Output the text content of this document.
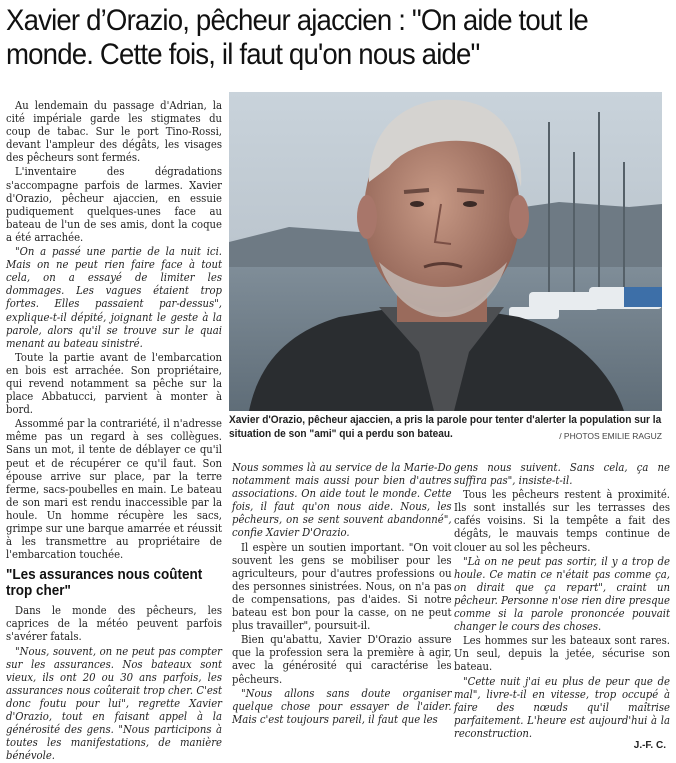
Xavier d’Orazio, pêcheur ajaccien : "On aide tout le monde. Cette fois, il faut qu'on nous aide"

Au lendemain du passage d'Adrian, la cité impériale garde les stigmates du coup de tabac. Sur le port Tino-Rossi, devant l'ampleur des dégâts, les visages des pêcheurs sont fermés.

L'inventaire des dégradations s'accompagne parfois de larmes. Xavier d'Orazio, pêcheur ajaccien, en essuie pudiquement quelques-unes face au bateau de l'un de ses amis, dont la coque a été arrachée.

"On a passé une partie de la nuit ici. Mais on ne peut rien faire face à tout cela, on a essayé de limiter les dommages. Les vagues étaient trop fortes. Elles passaient par-dessus", explique-t-il dépité, joignant le geste à la parole, alors qu'il se trouve sur le quai menant au bateau sinistré.

Toute la partie avant de l'embarcation en bois est arrachée. Son propriétaire, qui revend notamment sa pêche sur la place Abbatucci, parvient à monter à bord.

Assommé par la contrariété, il n'adresse même pas un regard à ses collègues. Sans un mot, il tente de déblayer ce qu'il peut et de récupérer ce qu'il faut. Son épouse arrive sur place, par la terre ferme, sacs-poubelles en main. Le bateau de son mari est rendu inaccessible par la houle. Un homme récupère les sacs, grimpe sur une barque amarrée et réussit à les transmettre au propriétaire de l'embarcation touchée.

"Les assurances nous coûtent trop cher"

Dans le monde des pêcheurs, les caprices de la météo peuvent parfois s'avérer fatals.

"Nous, souvent, on ne peut pas compter sur les assurances. Nos bateaux sont vieux, ils ont 20 ou 30 ans parfois, les assurances nous coûterait trop cher. C'est donc foutu pour lui", regrette Xavier d'Orazio, tout en faisant appel à la générosité des gens. "Nous participons à toutes les manifestations, de manière bénévole.

Xavier d'Orazio, pêcheur ajaccien, a pris la parole pour tenter d'alerter la population sur la situation de son "ami" qui a perdu son bateau.	/ PHOTOS EMILIE RAGUZ

Nous sommes là au service de la Marie-Do notamment mais aussi pour bien d'autres associations. On aide tout le monde. Cette fois, il faut qu'on nous aide. Nous, les pêcheurs, on se sent souvent abandonné", confie Xavier D'Orazio.

Il espère un soutien important. "On voit souvent les gens se mobiliser pour les agriculteurs, pour d'autres professions ou des personnes sinistrées. Nous, on n'a pas de compensations, pas d'aides. Si notre bateau est bon pour la casse, on ne peut plus travailler", poursuit-il.

Bien qu'abattu, Xavier D'Orazio assure que la profession sera la première à agir, avec la générosité qui caractérise les pêcheurs.

"Nous allons sans doute organiser quelque chose pour essayer de l'aider. Mais c'est toujours pareil, il faut que les

gens nous suivent. Sans cela, ça ne suffira pas", insiste-t-il.

Tous les pêcheurs restent à proximité. Ils sont installés sur les terrasses des cafés voisins. Si la tempête a fait des dégâts, le mauvais temps continue de clouer au sol les pêcheurs.

"Là on ne peut pas sortir, il y a trop de houle. Ce matin ce n'était pas comme ça, on dirait que ça repart", craint un pêcheur. Personne n'ose rien dire presque comme si la parole prononcée pouvait changer le cours des choses.

Les hommes sur les bateaux sont rares. Un seul, depuis la jetée, sécurise son bateau.

"Cette nuit j'ai eu plus de peur que de mal", livre-t-il en vitesse, trop occupé à faire des nœuds qu'il maîtrise parfaitement. L'heure est aujourd'hui à la reconstruction.

J.-F. C.
